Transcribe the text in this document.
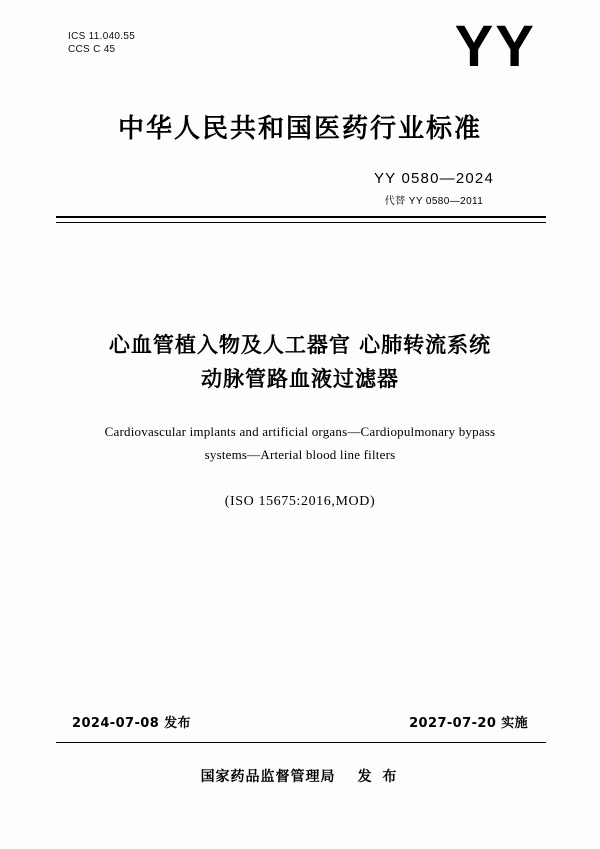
ICS 11.040.55
CCS C 45	YY
中华人民共和国医药行业标准
YY 0580—2024
代替 YY 0580—2011
心血管植入物及人工器官 心肺转流系统
动脉管路血液过滤器
Cardiovascular implants and artificial organs—Cardiopulmonary bypass
systems—Arterial blood line filters
(ISO 15675:2016,MOD)
2024-07-08 发布	2027-07-20 实施
国家药品监督管理局 发 布
